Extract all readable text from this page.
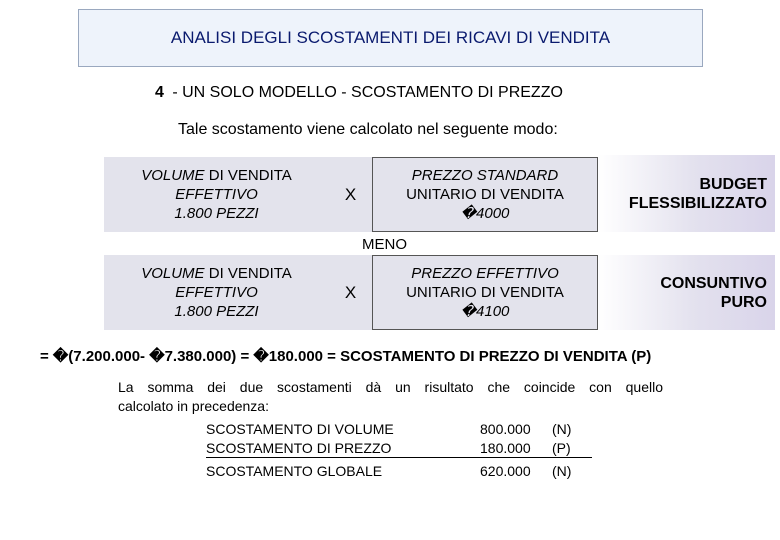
ANALISI DEGLI SCOSTAMENTI DEI RICAVI DI VENDITA
4 - UN SOLO MODELLO - SCOSTAMENTO DI PREZZO
Tale scostamento viene calcolato nel seguente modo:
VOLUME DI VENDITA
EFFETTIVO
1.800 PEZZI
X
PREZZO STANDARD
UNITARIO DI VENDITA
�4000
BUDGET
FLESSIBILIZZATO
MENO
VOLUME DI VENDITA
EFFETTIVO
1.800 PEZZI
X
PREZZO EFFETTIVO
UNITARIO DI VENDITA
�4100
CONSUNTIVO
PURO
= �(7.200.000- �7.380.000) = �180.000 = SCOSTAMENTO DI PREZZO DI VENDITA (P)
La somma dei due scostamenti dà un risultato che coincide con quello
calcolato in precedenza:
SCOSTAMENTO DI VOLUME	800.000	(N)
SCOSTAMENTO DI PREZZO	180.000	(P)
SCOSTAMENTO GLOBALE	620.000	(N)
